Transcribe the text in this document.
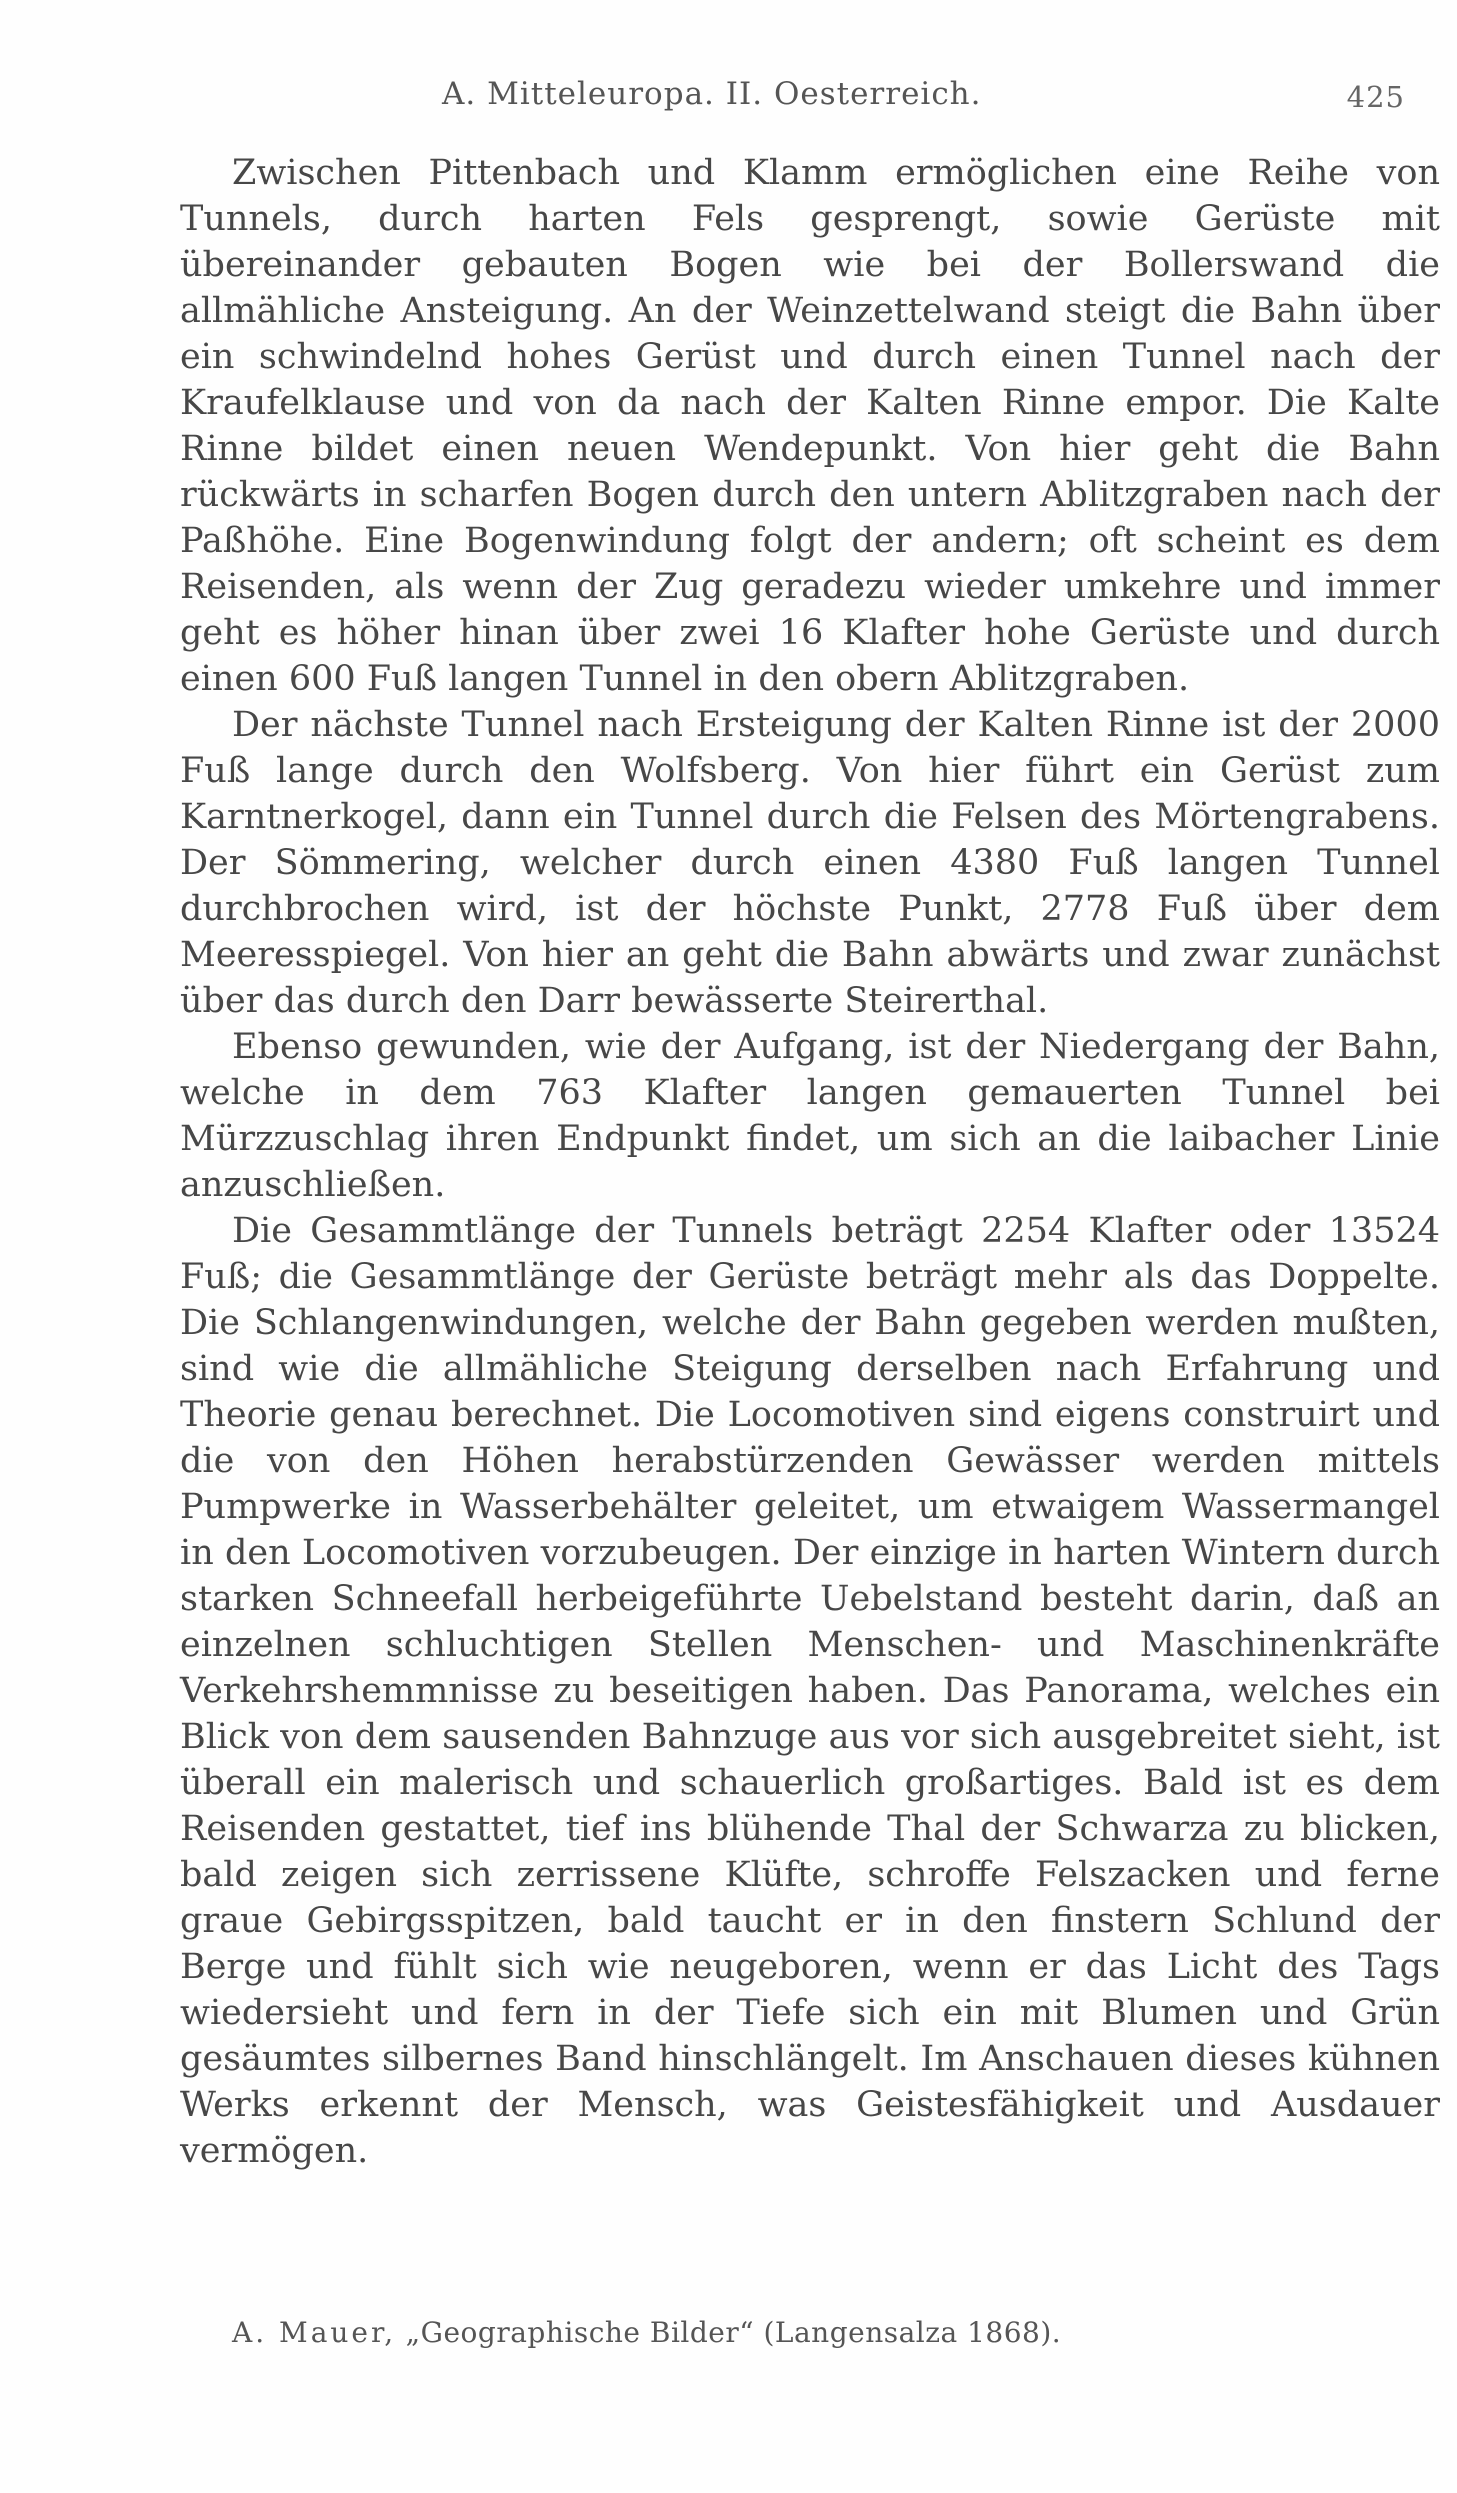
A. Mitteleuropa. II. Oesterreich.	425

Zwischen Pittenbach und Klamm ermöglichen eine Reihe von Tunnels, durch harten Fels gesprengt, sowie Gerüste mit übereinander gebauten Bogen wie bei der Bollerswand die allmähliche Ansteigung. An der Weinzettelwand steigt die Bahn über ein schwindelnd hohes Gerüst und durch einen Tunnel nach der Kraufelklause und von da nach der Kalten Rinne empor. Die Kalte Rinne bildet einen neuen Wendepunkt. Von hier geht die Bahn rückwärts in scharfen Bogen durch den untern Ablitzgraben nach der Paßhöhe. Eine Bogenwindung folgt der andern; oft scheint es dem Reisenden, als wenn der Zug geradezu wieder umkehre und immer geht es höher hinan über zwei 16 Klafter hohe Gerüste und durch einen 600 Fuß langen Tunnel in den obern Ablitzgraben.

Der nächste Tunnel nach Ersteigung der Kalten Rinne ist der 2000 Fuß lange durch den Wolfsberg. Von hier führt ein Gerüst zum Karntnerkogel, dann ein Tunnel durch die Felsen des Mörtengrabens. Der Sömmering, welcher durch einen 4380 Fuß langen Tunnel durchbrochen wird, ist der höchste Punkt, 2778 Fuß über dem Meeresspiegel. Von hier an geht die Bahn abwärts und zwar zunächst über das durch den Darr bewässerte Steirerthal.

Ebenso gewunden, wie der Aufgang, ist der Niedergang der Bahn, welche in dem 763 Klafter langen gemauerten Tunnel bei Mürzzuschlag ihren Endpunkt findet, um sich an die laibacher Linie anzuschließen.

Die Gesammtlänge der Tunnels beträgt 2254 Klafter oder 13524 Fuß; die Gesammtlänge der Gerüste beträgt mehr als das Doppelte. Die Schlangenwindungen, welche der Bahn gegeben werden mußten, sind wie die allmähliche Steigung derselben nach Erfahrung und Theorie genau berechnet. Die Locomotiven sind eigens construirt und die von den Höhen herabstürzenden Gewässer werden mittels Pumpwerke in Wasserbehälter geleitet, um etwaigem Wassermangel in den Locomotiven vorzubeugen. Der einzige in harten Wintern durch starken Schneefall herbeigeführte Uebelstand besteht darin, daß an einzelnen schluchtigen Stellen Menschen- und Maschinenkräfte Verkehrshemmnisse zu beseitigen haben. Das Panorama, welches ein Blick von dem sausenden Bahnzuge aus vor sich ausgebreitet sieht, ist überall ein malerisch und schauerlich großartiges. Bald ist es dem Reisenden gestattet, tief ins blühende Thal der Schwarza zu blicken, bald zeigen sich zerrissene Klüfte, schroffe Felszacken und ferne graue Gebirgsspitzen, bald taucht er in den finstern Schlund der Berge und fühlt sich wie neugeboren, wenn er das Licht des Tags wiedersieht und fern in der Tiefe sich ein mit Blumen und Grün gesäumtes silbernes Band hinschlängelt. Im Anschauen dieses kühnen Werks erkennt der Mensch, was Geistesfähigkeit und Ausdauer vermögen.

A. Mauer, „Geographische Bilder“ (Langensalza 1868).
